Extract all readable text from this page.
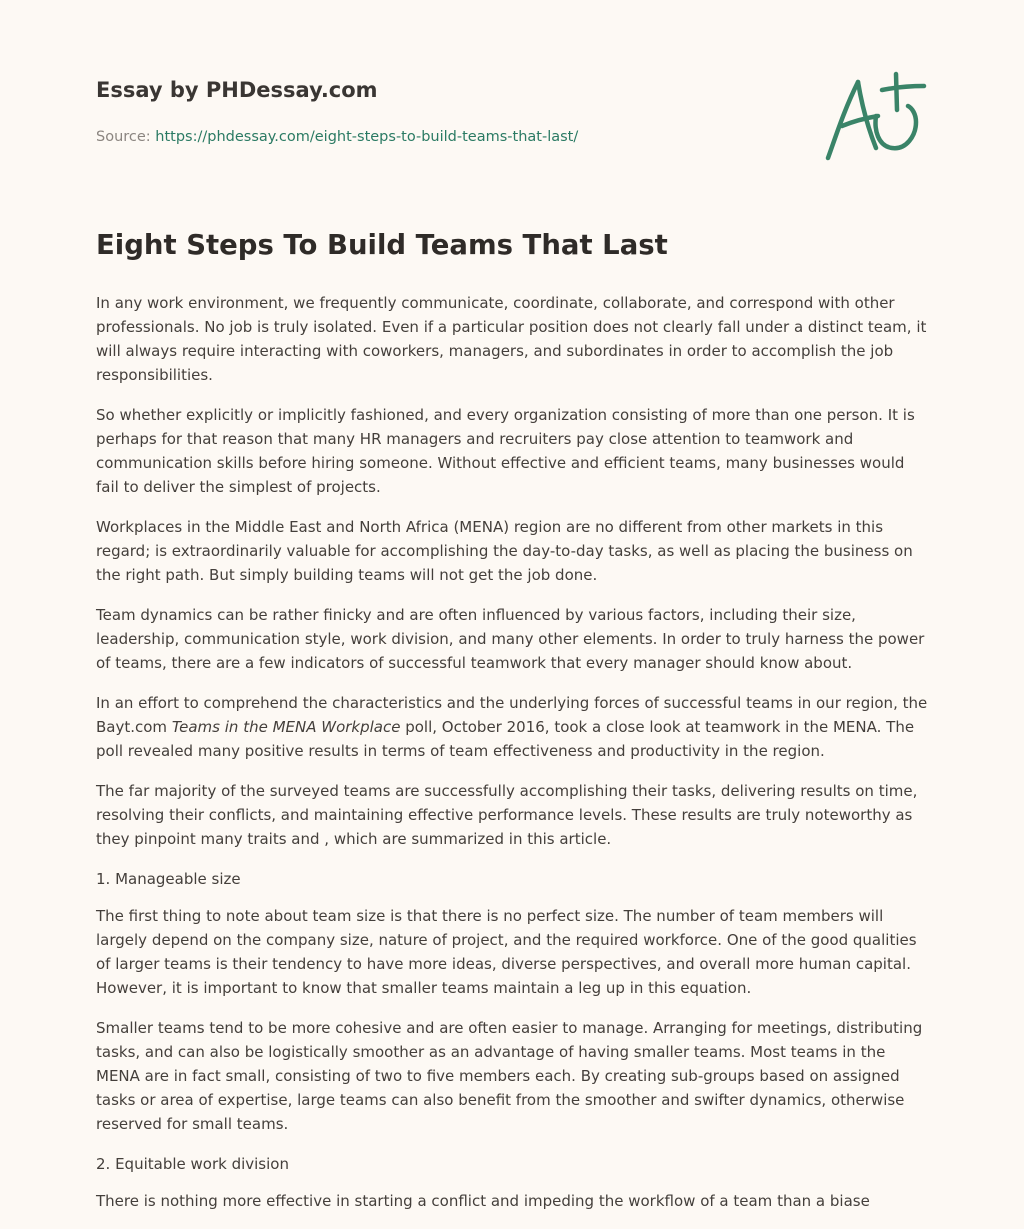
Essay by PHDessay.com
Source: https://phdessay.com/eight-steps-to-build-teams-that-last/
Eight Steps To Build Teams That Last

In any work environment, we frequently communicate, coordinate, collaborate, and correspond with other professionals. No job is truly isolated. Even if a particular position does not clearly fall under a distinct team, it will always require interacting with coworkers, managers, and subordinates in order to accomplish the job responsibilities.

So whether explicitly or implicitly fashioned, and every organization consisting of more than one person. It is perhaps for that reason that many HR managers and recruiters pay close attention to teamwork and communication skills before hiring someone. Without effective and efficient teams, many businesses would fail to deliver the simplest of projects.

Workplaces in the Middle East and North Africa (MENA) region are no different from other markets in this regard; is extraordinarily valuable for accomplishing the day-to-day tasks, as well as placing the business on the right path. But simply building teams will not get the job done.

Team dynamics can be rather finicky and are often influenced by various factors, including their size, leadership, communication style, work division, and many other elements. In order to truly harness the power of teams, there are a few indicators of successful teamwork that every manager should know about.

In an effort to comprehend the characteristics and the underlying forces of successful teams in our region, the Bayt.com Teams in the MENA Workplace poll, October 2016, took a close look at teamwork in the MENA. The poll revealed many positive results in terms of team effectiveness and productivity in the region.

The far majority of the surveyed teams are successfully accomplishing their tasks, delivering results on time, resolving their conflicts, and maintaining effective performance levels. These results are truly noteworthy as they pinpoint many traits and , which are summarized in this article.

1. Manageable size

The first thing to note about team size is that there is no perfect size. The number of team members will largely depend on the company size, nature of project, and the required workforce. One of the good qualities of larger teams is their tendency to have more ideas, diverse perspectives, and overall more human capital. However, it is important to know that smaller teams maintain a leg up in this equation.

Smaller teams tend to be more cohesive and are often easier to manage. Arranging for meetings, distributing tasks, and can also be logistically smoother as an advantage of having smaller teams. Most teams in the MENA are in fact small, consisting of two to five members each. By creating sub-groups based on assigned tasks or area of expertise, large teams can also benefit from the smoother and swifter dynamics, otherwise reserved for small teams.

2. Equitable work division

There is nothing more effective in starting a conflict and impeding the workflow of a team than a biase
